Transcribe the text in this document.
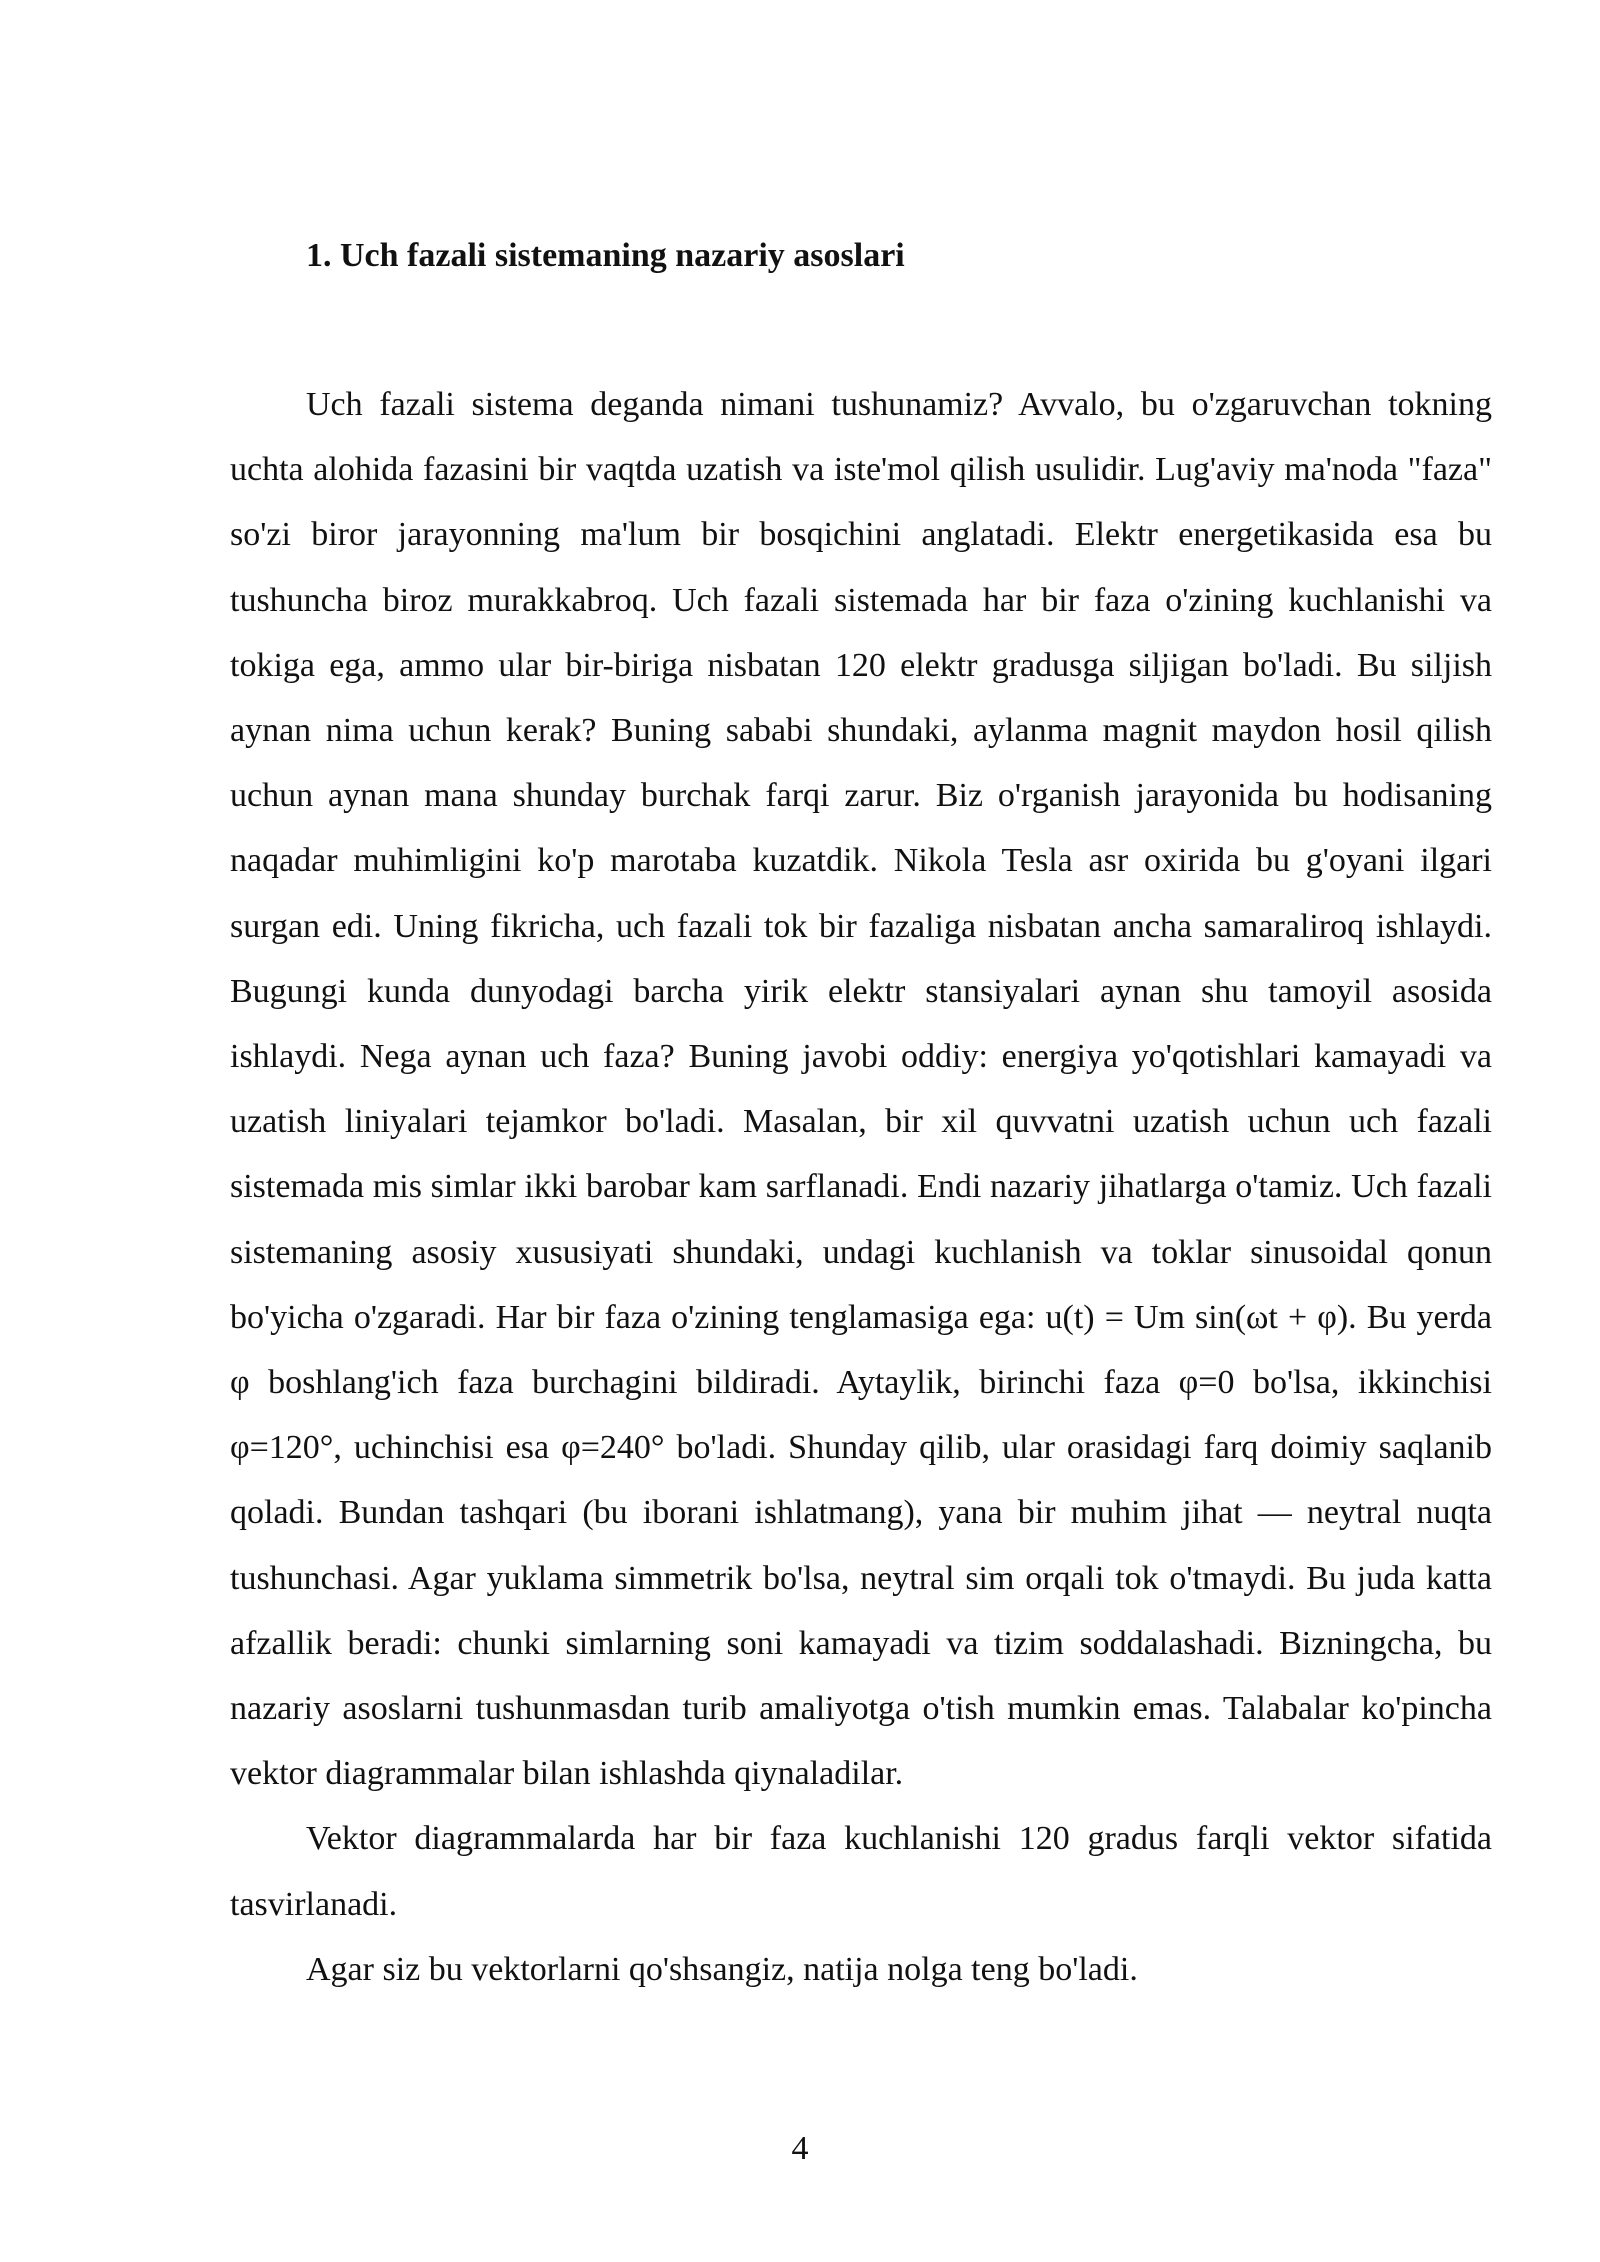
1. Uch fazali sistemaning nazariy asoslari

Uch fazali sistema deganda nimani tushunamiz? Avvalo, bu o'zgaruvchan tokning uchta alohida fazasini bir vaqtda uzatish va iste'mol qilish usulidir. Lug'aviy ma'noda "faza" so'zi biror jarayonning ma'lum bir bosqichini anglatadi. Elektr energetikasida esa bu tushuncha biroz murakkabroq. Uch fazali sistemada har bir faza o'zining kuchlanishi va tokiga ega, ammo ular bir-biriga nisbatan 120 elektr gradusga siljigan bo'ladi. Bu siljish aynan nima uchun kerak? Buning sababi shundaki, aylanma magnit maydon hosil qilish uchun aynan mana shunday burchak farqi zarur. Biz o'rganish jarayonida bu hodisaning naqadar muhimligini ko'p marotaba kuzatdik. Nikola Tesla asr oxirida bu g'oyani ilgari surgan edi. Uning fikricha, uch fazali tok bir fazaliga nisbatan ancha samaraliroq ishlaydi. Bugungi kunda dunyodagi barcha yirik elektr stansiyalari aynan shu tamoyil asosida ishlaydi. Nega aynan uch faza? Buning javobi oddiy: energiya yo'qotishlari kamayadi va uzatish liniyalari tejamkor bo'ladi. Masalan, bir xil quvvatni uzatish uchun uch fazali sistemada mis simlar ikki barobar kam sarflanadi. Endi nazariy jihatlarga o'tamiz. Uch fazali sistemaning asosiy xususiyati shundaki, undagi kuchlanish va toklar sinusoidal qonun bo'yicha o'zgaradi. Har bir faza o'zining tenglamasiga ega: u(t) = Um sin(ωt + φ). Bu yerda φ boshlang'ich faza burchagini bildiradi. Aytaylik, birinchi faza φ=0 bo'lsa, ikkinchisi φ=120°, uchinchisi esa φ=240° bo'ladi. Shunday qilib, ular orasidagi farq doimiy saqlanib qoladi. Bundan tashqari (bu iborani ishlatmang), yana bir muhim jihat — neytral nuqta tushunchasi. Agar yuklama simmetrik bo'lsa, neytral sim orqali tok o'tmaydi. Bu juda katta afzallik beradi: chunki simlarning soni kamayadi va tizim soddalashadi. Bizningcha, bu nazariy asoslarni tushunmasdan turib amaliyotga o'tish mumkin emas. Talabalar ko'pincha vektor diagrammalar bilan ishlashda qiynaladilar.

Vektor diagrammalarda har bir faza kuchlanishi 120 gradus farqli vektor sifatida tasvirlanadi.

Agar siz bu vektorlarni qo'shsangiz, natija nolga teng bo'ladi.

4
